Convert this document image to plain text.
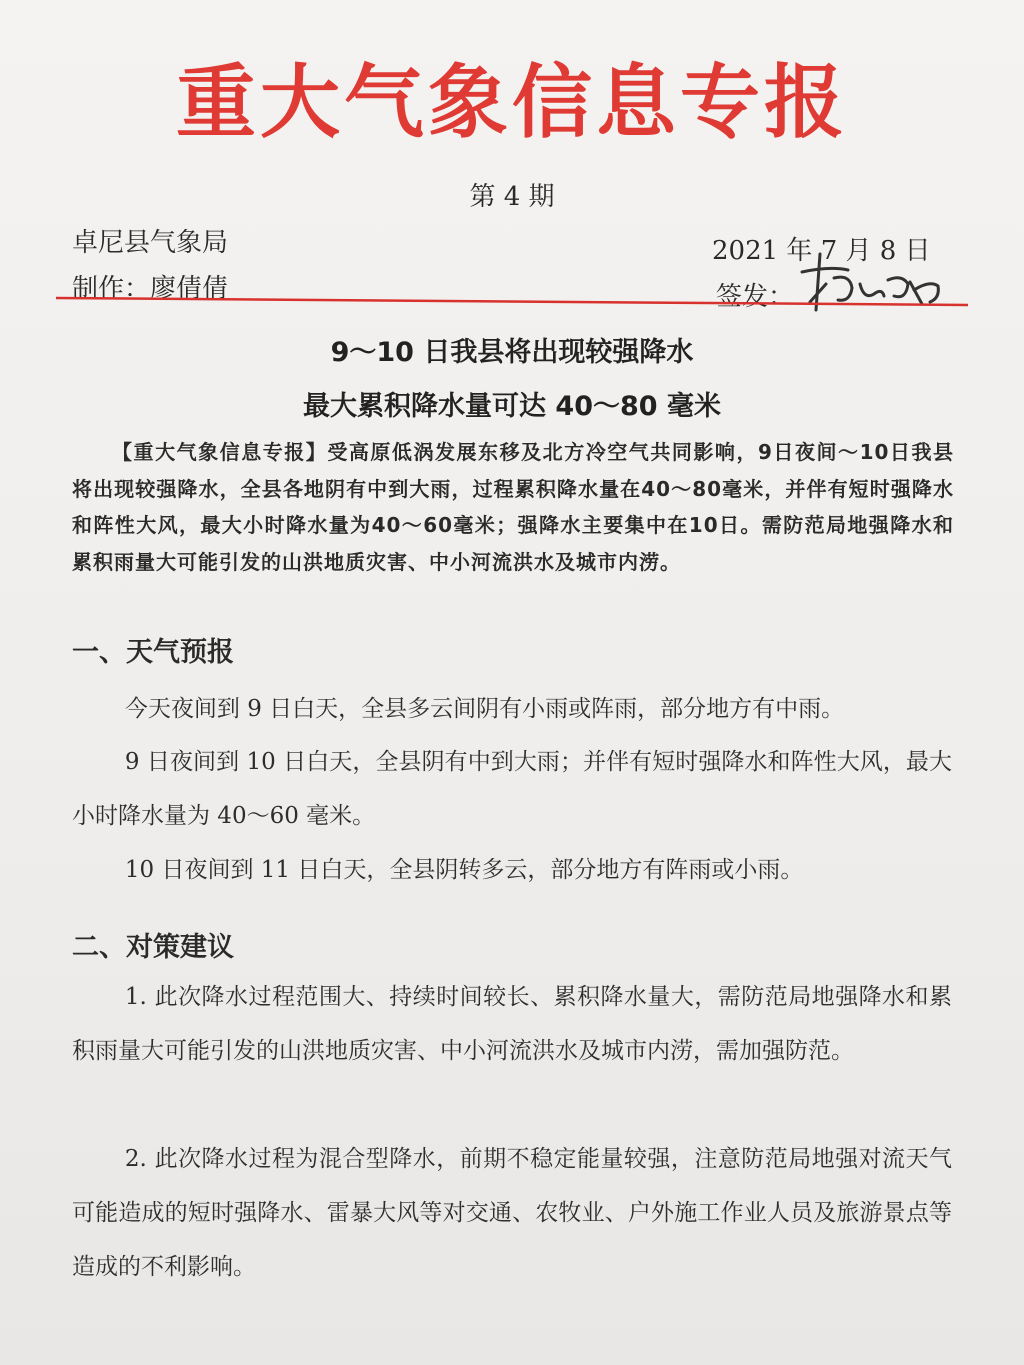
重大气象信息专报
第 4 期
卓尼县气象局
制作：廖倩倩
2021 年 7 月 8 日
签发：
9～10 日我县将出现较强降水
最大累积降水量可达 40～80 毫米
【重大气象信息专报】受高原低涡发展东移及北方冷空气共同影响，9日夜间～10日我县将出现较强降水，全县各地阴有中到大雨，过程累积降水量在40～80毫米，并伴有短时强降水和阵性大风，最大小时降水量为40～60毫米；强降水主要集中在10日。需防范局地强降水和累积雨量大可能引发的山洪地质灾害、中小河流洪水及城市内涝。
一、天气预报
今天夜间到 9 日白天，全县多云间阴有小雨或阵雨，部分地方有中雨。
9 日夜间到 10 日白天，全县阴有中到大雨；并伴有短时强降水和阵性大风，最大小时降水量为 40～60 毫米。
10 日夜间到 11 日白天，全县阴转多云，部分地方有阵雨或小雨。
二、对策建议
1. 此次降水过程范围大、持续时间较长、累积降水量大，需防范局地强降水和累积雨量大可能引发的山洪地质灾害、中小河流洪水及城市内涝，需加强防范。
2. 此次降水过程为混合型降水，前期不稳定能量较强，注意防范局地强对流天气可能造成的短时强降水、雷暴大风等对交通、农牧业、户外施工作业人员及旅游景点等造成的不利影响。
